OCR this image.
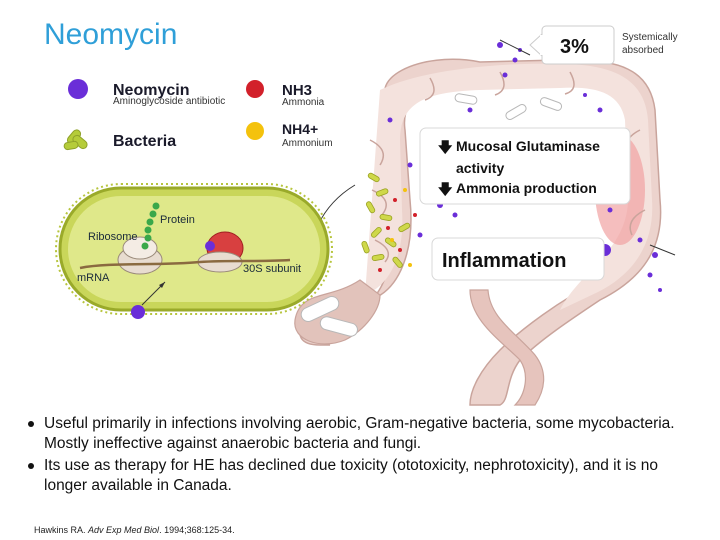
Neomycin
Neomycin
Aminoglycoside antibiotic
NH3
Ammonia
Bacteria
NH4+
Ammonium
Protein
Ribosome
mRNA
30S subunit
3%	Systemically
absorbed
🡇 Mucosal Glutaminase
activity
🡇 Ammonia production
Inflammation
Useful primarily in infections involving aerobic, Gram-negative bacteria, some mycobacteria. Mostly ineffective against anaerobic bacteria and fungi.
Its use as therapy for HE has declined due toxicity (ototoxicity, nephrotoxicity), and it is no longer available in Canada.
Hawkins RA. Adv Exp Med Biol. 1994;368:125-34.
